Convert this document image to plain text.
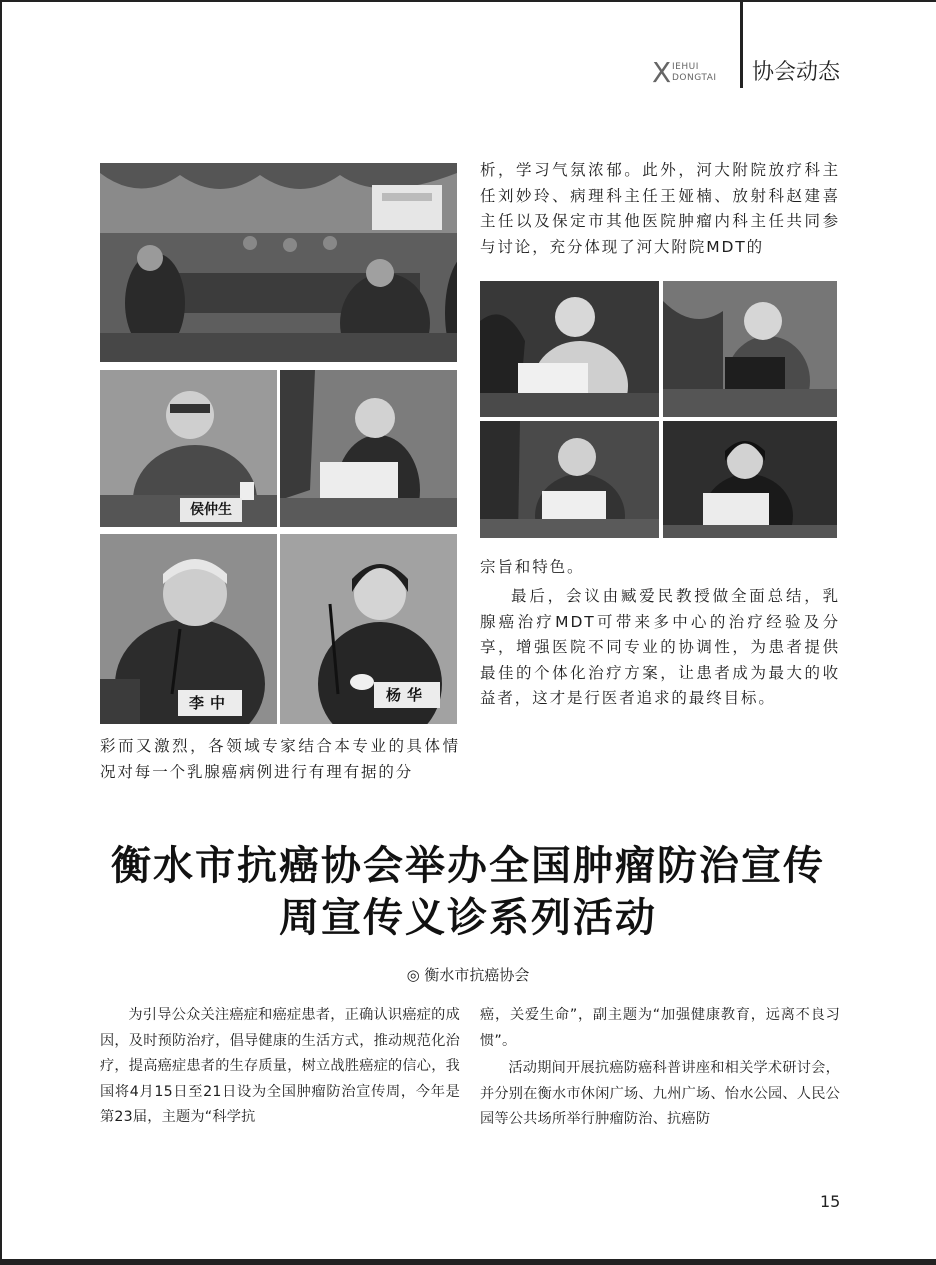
X IEHUI
DONGTAI 协会动态
侯仲生
李中	杨华

彩而又激烈，各领域专家结合本专业的具体情况对每一个乳腺癌病例进行有理有据的分

析，学习气氛浓郁。此外，河大附院放疗科主任刘妙玲、病理科主任王娅楠、放射科赵建喜主任以及保定市其他医院肿瘤内科主任共同参与讨论，充分体现了河大附院MDT的

宗旨和特色。

最后，会议由臧爱民教授做全面总结，乳腺癌治疗MDT可带来多中心的治疗经验及分享，增强医院不同专业的协调性，为患者提供最佳的个体化治疗方案，让患者成为最大的收益者，这才是行医者追求的最终目标。

衡水市抗癌协会举办全国肿瘤防治宣传
周宣传义诊系列活动
◎ 衡水市抗癌协会

为引导公众关注癌症和癌症患者，正确认识癌症的成因，及时预防治疗，倡导健康的生活方式，推动规范化治疗，提高癌症患者的生存质量，树立战胜癌症的信心，我国将4月15日至21日设为全国肿瘤防治宣传周，今年是第23届，主题为“科学抗

癌，关爱生命”，副主题为“加强健康教育，远离不良习惯”。

活动期间开展抗癌防癌科普讲座和相关学术研讨会，并分别在衡水市休闲广场、九州广场、怡水公园、人民公园等公共场所举行肿瘤防治、抗癌防

15
